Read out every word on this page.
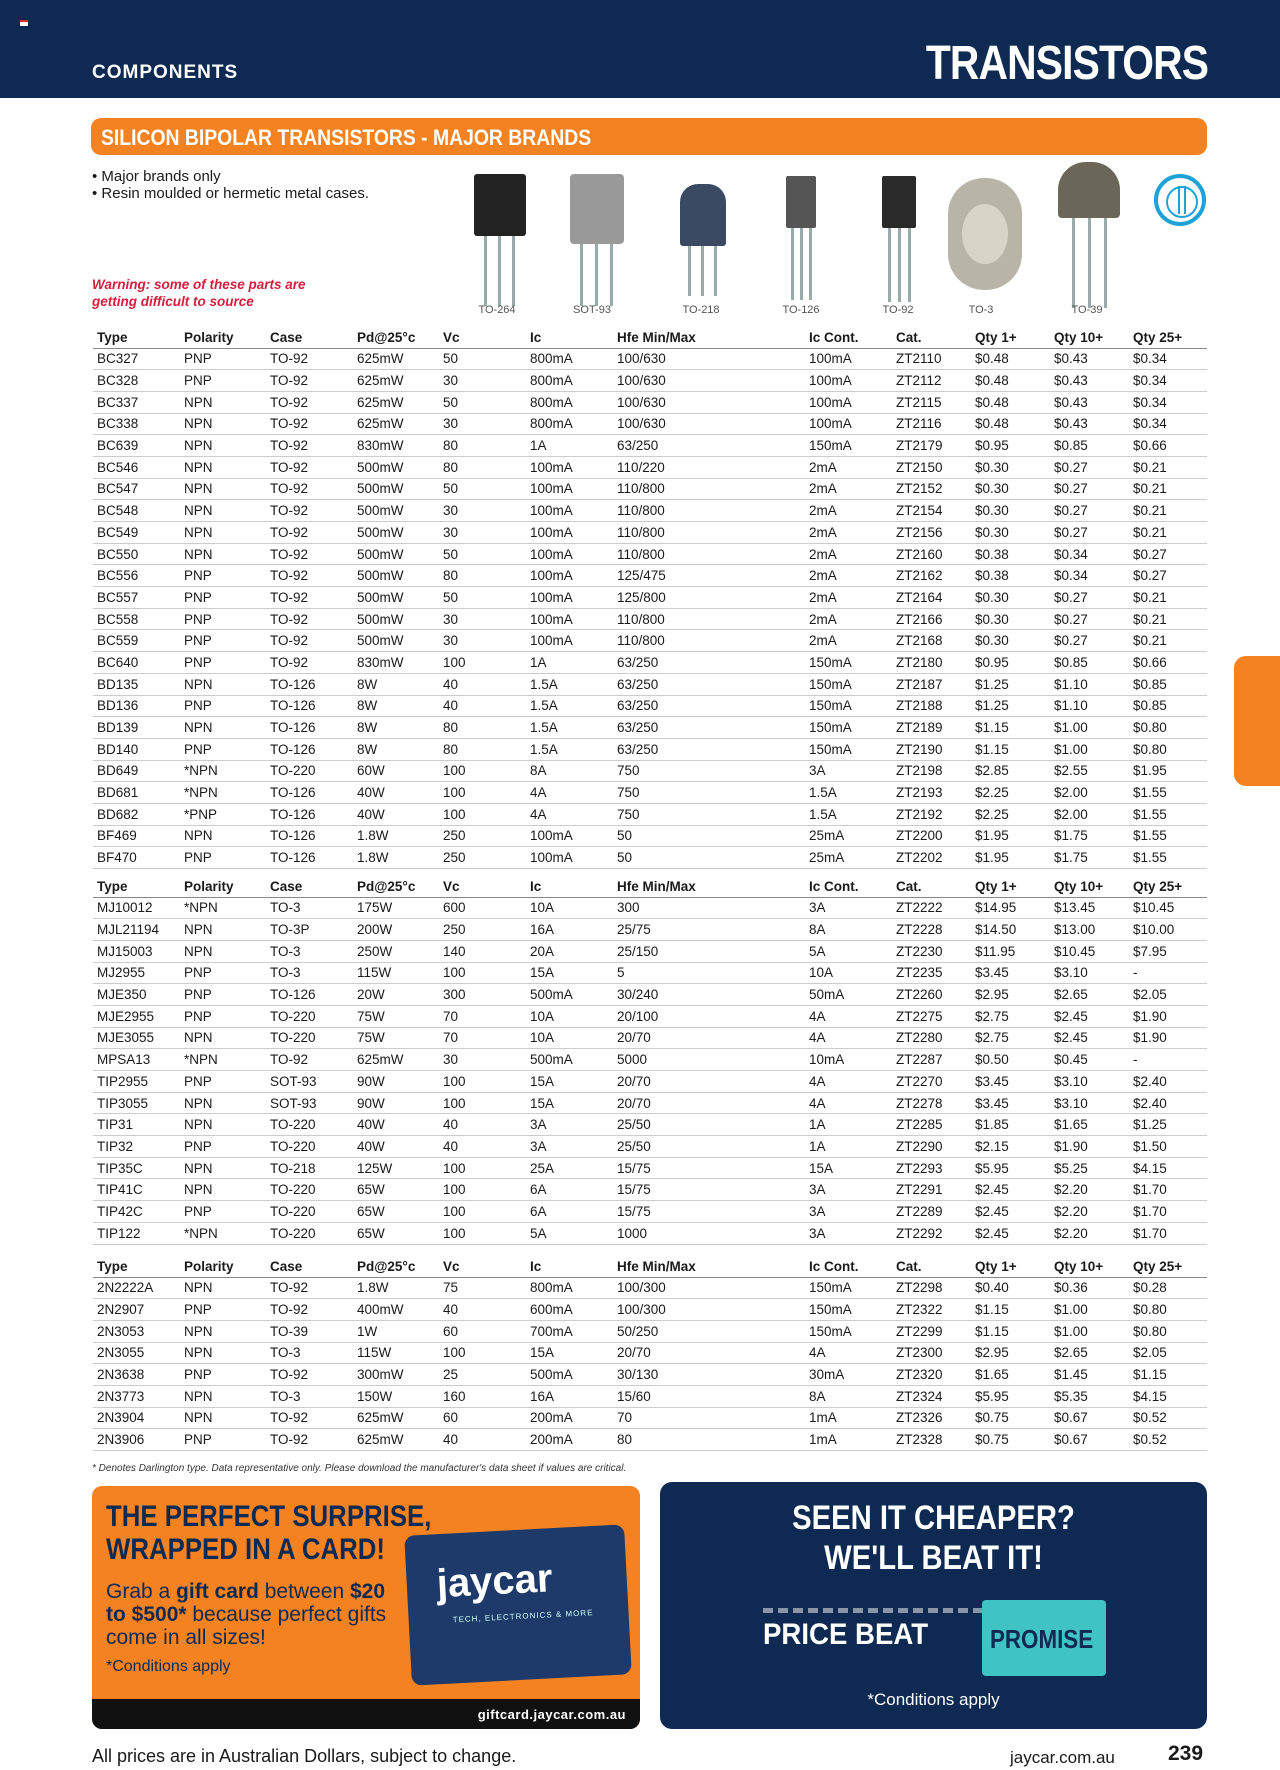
COMPONENTS	TRANSISTORS
SILICON BIPOLAR TRANSISTORS - MAJOR BRANDS
• Major brands only
• Resin moulded or hermetic metal cases.
Warning: some of these parts are getting difficult to source
TO-264	SOT-93	TO-218	TO-126	TO-92	TO-3	TO-39
Type	Polarity	Case	Pd@25°c	Vc	Ic	Hfe Min/Max	Ic Cont.	Cat.	Qty 1+	Qty 10+	Qty 25+
BC327	PNP	TO-92	625mW	50	800mA	100/630	100mA	ZT2110	$0.48	$0.43	$0.34
BC328	PNP	TO-92	625mW	30	800mA	100/630	100mA	ZT2112	$0.48	$0.43	$0.34
BC337	NPN	TO-92	625mW	50	800mA	100/630	100mA	ZT2115	$0.48	$0.43	$0.34
BC338	NPN	TO-92	625mW	30	800mA	100/630	100mA	ZT2116	$0.48	$0.43	$0.34
BC639	NPN	TO-92	830mW	80	1A	63/250	150mA	ZT2179	$0.95	$0.85	$0.66
BC546	NPN	TO-92	500mW	80	100mA	110/220	2mA	ZT2150	$0.30	$0.27	$0.21
BC547	NPN	TO-92	500mW	50	100mA	110/800	2mA	ZT2152	$0.30	$0.27	$0.21
BC548	NPN	TO-92	500mW	30	100mA	110/800	2mA	ZT2154	$0.30	$0.27	$0.21
BC549	NPN	TO-92	500mW	30	100mA	110/800	2mA	ZT2156	$0.30	$0.27	$0.21
BC550	NPN	TO-92	500mW	50	100mA	110/800	2mA	ZT2160	$0.38	$0.34	$0.27
BC556	PNP	TO-92	500mW	80	100mA	125/475	2mA	ZT2162	$0.38	$0.34	$0.27
BC557	PNP	TO-92	500mW	50	100mA	125/800	2mA	ZT2164	$0.30	$0.27	$0.21
BC558	PNP	TO-92	500mW	30	100mA	110/800	2mA	ZT2166	$0.30	$0.27	$0.21
BC559	PNP	TO-92	500mW	30	100mA	110/800	2mA	ZT2168	$0.30	$0.27	$0.21
BC640	PNP	TO-92	830mW	100	1A	63/250	150mA	ZT2180	$0.95	$0.85	$0.66
BD135	NPN	TO-126	8W	40	1.5A	63/250	150mA	ZT2187	$1.25	$1.10	$0.85
BD136	PNP	TO-126	8W	40	1.5A	63/250	150mA	ZT2188	$1.25	$1.10	$0.85
BD139	NPN	TO-126	8W	80	1.5A	63/250	150mA	ZT2189	$1.15	$1.00	$0.80
BD140	PNP	TO-126	8W	80	1.5A	63/250	150mA	ZT2190	$1.15	$1.00	$0.80
BD649	*NPN	TO-220	60W	100	8A	750	3A	ZT2198	$2.85	$2.55	$1.95
BD681	*NPN	TO-126	40W	100	4A	750	1.5A	ZT2193	$2.25	$2.00	$1.55
BD682	*PNP	TO-126	40W	100	4A	750	1.5A	ZT2192	$2.25	$2.00	$1.55
BF469	NPN	TO-126	1.8W	250	100mA	50	25mA	ZT2200	$1.95	$1.75	$1.55
BF470	PNP	TO-126	1.8W	250	100mA	50	25mA	ZT2202	$1.95	$1.75	$1.55
Type	Polarity	Case	Pd@25°c	Vc	Ic	Hfe Min/Max	Ic Cont.	Cat.	Qty 1+	Qty 10+	Qty 25+
MJ10012	*NPN	TO-3	175W	600	10A	300	3A	ZT2222	$14.95	$13.45	$10.45
MJL21194	NPN	TO-3P	200W	250	16A	25/75	8A	ZT2228	$14.50	$13.00	$10.00
MJ15003	NPN	TO-3	250W	140	20A	25/150	5A	ZT2230	$11.95	$10.45	$7.95
MJ2955	PNP	TO-3	115W	100	15A	5	10A	ZT2235	$3.45	$3.10	-
MJE350	PNP	TO-126	20W	300	500mA	30/240	50mA	ZT2260	$2.95	$2.65	$2.05
MJE2955	PNP	TO-220	75W	70	10A	20/100	4A	ZT2275	$2.75	$2.45	$1.90
MJE3055	NPN	TO-220	75W	70	10A	20/70	4A	ZT2280	$2.75	$2.45	$1.90
MPSA13	*NPN	TO-92	625mW	30	500mA	5000	10mA	ZT2287	$0.50	$0.45	-
TIP2955	PNP	SOT-93	90W	100	15A	20/70	4A	ZT2270	$3.45	$3.10	$2.40
TIP3055	NPN	SOT-93	90W	100	15A	20/70	4A	ZT2278	$3.45	$3.10	$2.40
TIP31	NPN	TO-220	40W	40	3A	25/50	1A	ZT2285	$1.85	$1.65	$1.25
TIP32	PNP	TO-220	40W	40	3A	25/50	1A	ZT2290	$2.15	$1.90	$1.50
TIP35C	NPN	TO-218	125W	100	25A	15/75	15A	ZT2293	$5.95	$5.25	$4.15
TIP41C	NPN	TO-220	65W	100	6A	15/75	3A	ZT2291	$2.45	$2.20	$1.70
TIP42C	PNP	TO-220	65W	100	6A	15/75	3A	ZT2289	$2.45	$2.20	$1.70
TIP122	*NPN	TO-220	65W	100	5A	1000	3A	ZT2292	$2.45	$2.20	$1.70
Type	Polarity	Case	Pd@25°c	Vc	Ic	Hfe Min/Max	Ic Cont.	Cat.	Qty 1+	Qty 10+	Qty 25+
2N2222A	NPN	TO-92	1.8W	75	800mA	100/300	150mA	ZT2298	$0.40	$0.36	$0.28
2N2907	PNP	TO-92	400mW	40	600mA	100/300	150mA	ZT2322	$1.15	$1.00	$0.80
2N3053	NPN	TO-39	1W	60	700mA	50/250	150mA	ZT2299	$1.15	$1.00	$0.80
2N3055	NPN	TO-3	115W	100	15A	20/70	4A	ZT2300	$2.95	$2.65	$2.05
2N3638	PNP	TO-92	300mW	25	500mA	30/130	30mA	ZT2320	$1.65	$1.45	$1.15
2N3773	NPN	TO-3	150W	160	16A	15/60	8A	ZT2324	$5.95	$5.35	$4.15
2N3904	NPN	TO-92	625mW	60	200mA	70	1mA	ZT2326	$0.75	$0.67	$0.52
2N3906	PNP	TO-92	625mW	40	200mA	80	1mA	ZT2328	$0.75	$0.67	$0.52
* Denotes Darlington type. Data representative only. Please download the manufacturer's data sheet if values are critical.
THE PERFECT SURPRISE,
WRAPPED IN A CARD!
Grab a gift card between $20 to $500* because perfect gifts come in all sizes!
*Conditions apply
jaycar
TECH, ELECTRONICS & MORE
giftcard.jaycar.com.au
SEEN IT CHEAPER?
WE'LL BEAT IT!
PRICE BEAT PROMISE
*Conditions apply
All prices are in Australian Dollars, subject to change.	jaycar.com.au	239
